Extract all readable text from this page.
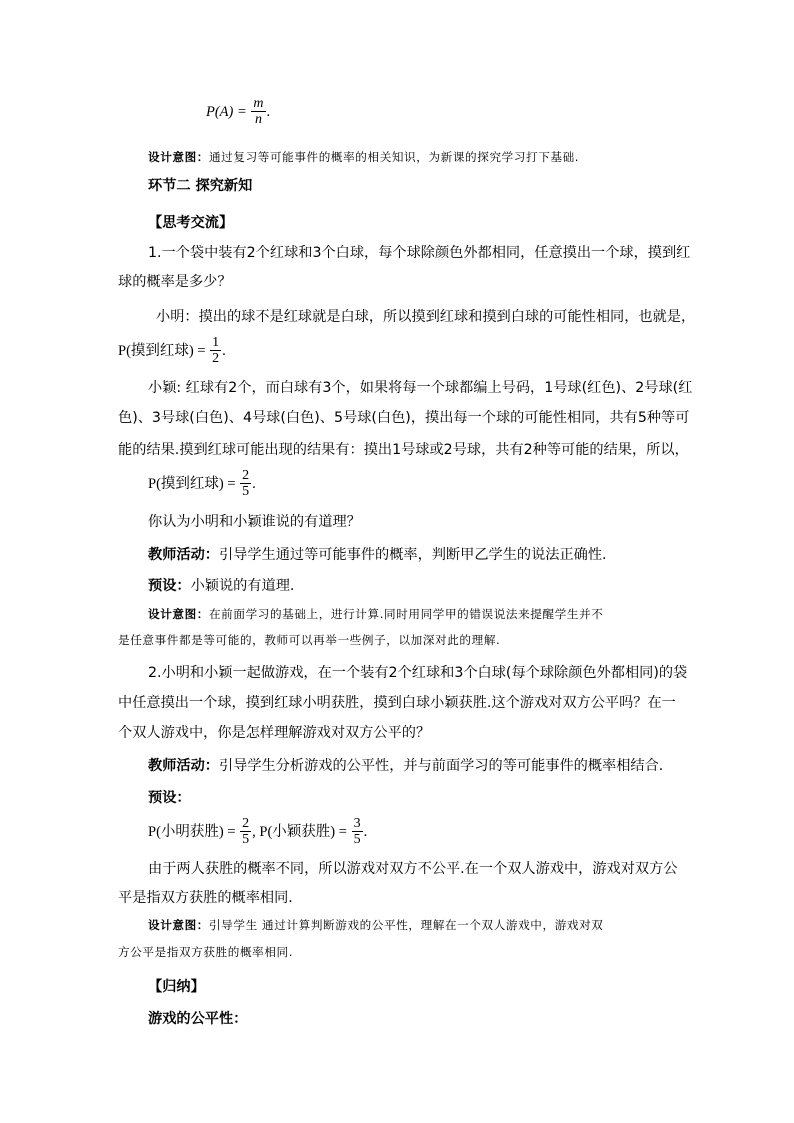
$P(A) = \frac{m}{n}$ .
设计意图：通过复习等可能事件的概率的相关知识，为新课的探究学习打下基础.
环节二 探究新知
【思考交流】
1.一个袋中装有2个红球和3个白球，每个球除颜色外都相同，任意摸出一个球，摸到红
球的概率是多少？
小明：摸出的球不是红球就是白球，所以摸到红球和摸到白球的可能性相同，也就是，
P(摸到红球) = $\frac{1}{2}$ .
小颖: 红球有2个，而白球有3个，如果将每一个球都编上号码，1号球(红色)、2号球(红
色)、3号球(白色)、4号球(白色)、5号球(白色)，摸出每一个球的可能性相同，共有5种等可
能的结果.摸到红球可能出现的结果有：摸出1号球或2号球，共有2种等可能的结果，所以，
P(摸到红球) = $\frac{2}{5}$ .
你认为小明和小颖谁说的有道理？
教师活动：引导学生通过等可能事件的概率，判断甲乙学生的说法正确性.
预设：小颖说的有道理.
设计意图：在前面学习的基础上，进行计算.同时用同学甲的错误说法来提醒学生并不
是任意事件都是等可能的，教师可以再举一些例子，以加深对此的理解.
2.小明和小颖一起做游戏，在一个装有2个红球和3个白球(每个球除颜色外都相同)的袋
中任意摸出一个球，摸到红球小明获胜，摸到白球小颖获胜.这个游戏对双方公平吗？在一
个双人游戏中，你是怎样理解游戏对双方公平的？
教师活动：引导学生分析游戏的公平性，并与前面学习的等可能事件的概率相结合.
预设：
P(小明获胜) = $\frac{2}{5}$ , P(小颖获胜) = $\frac{3}{5}$ .
由于两人获胜的概率不同，所以游戏对双方不公平.在一个双人游戏中，游戏对双方公
平是指双方获胜的概率相同.
设计意图：引导学生 通过计算判断游戏的公平性，理解在一个双人游戏中，游戏对双
方公平是指双方获胜的概率相同.
【归纳】
游戏的公平性：
